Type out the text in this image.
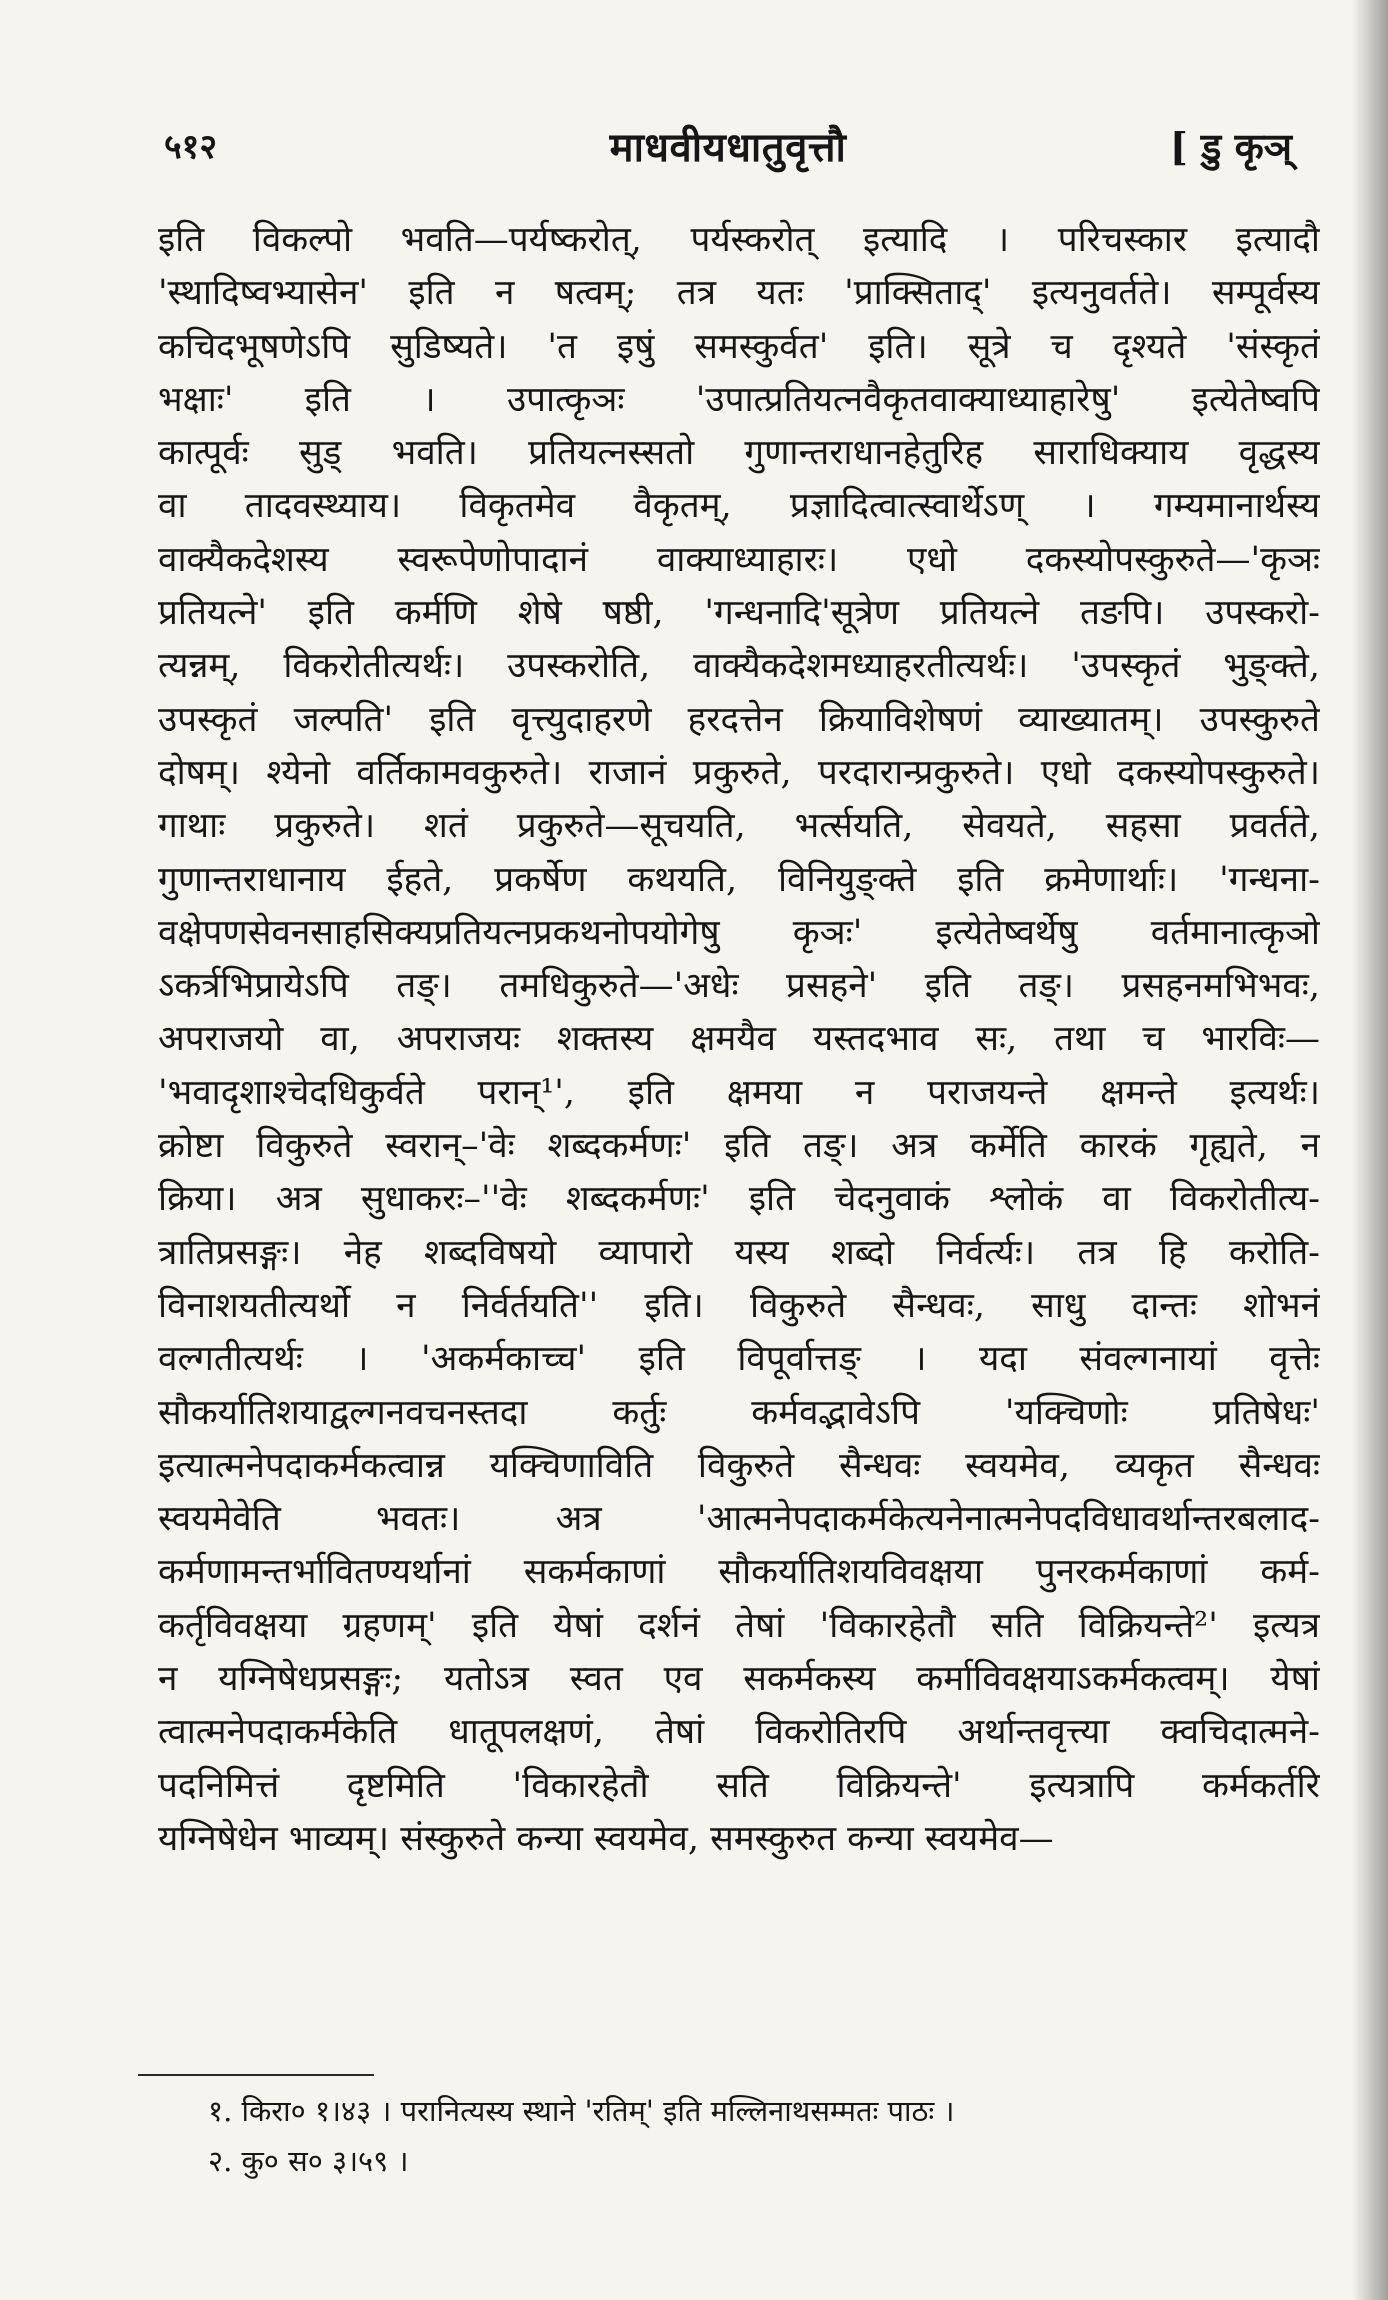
५१२	माधवीयधातुवृत्तौ	[ डु कृञ्
इति विकल्पो भवति—पर्यष्करोत्, पर्यस्करोत् इत्यादि । परिचस्कार इत्यादौ
'स्थादिष्वभ्यासेन' इति न षत्वम्; तत्र यतः 'प्राक्सिताद्' इत्यनुवर्तते। सम्पूर्वस्य
कचिदभूषणेऽपि सुडिष्यते। 'त इषुं समस्कुर्वत' इति। सूत्रे च दृश्यते 'संस्कृतं
भक्षाः' इति । उपात्कृञः 'उपात्प्रतियत्नवैकृतवाक्याध्याहारेषु' इत्येतेष्वपि
कात्पूर्वः सुड् भवति। प्रतियत्नस्सतो गुणान्तराधानहेतुरिह साराधिक्याय वृद्धस्य
वा तादवस्थ्याय। विकृतमेव वैकृतम्, प्रज्ञादित्वात्स्वार्थेऽण् । गम्यमानार्थस्य
वाक्यैकदेशस्य स्वरूपेणोपादानं वाक्याध्याहारः। एधो दकस्योपस्कुरुते—'कृञः
प्रतियत्ने' इति कर्मणि शेषे षष्ठी, 'गन्धनादि'सूत्रेण प्रतियत्ने तङपि। उपस्करो-
त्यन्नम्, विकरोतीत्यर्थः। उपस्करोति, वाक्यैकदेशमध्याहरतीत्यर्थः। 'उपस्कृतं भुङ्क्ते,
उपस्कृतं जल्पति' इति वृत्त्युदाहरणे हरदत्तेन क्रियाविशेषणं व्याख्यातम्। उपस्कुरुते
दोषम्। श्येनो वर्तिकामवकुरुते। राजानं प्रकुरुते, परदारान्प्रकुरुते। एधो दकस्योपस्कुरुते।
गाथाः प्रकुरुते। शतं प्रकुरुते—सूचयति, भर्त्सयति, सेवयते, सहसा प्रवर्तते,
गुणान्तराधानाय ईहते, प्रकर्षेण कथयति, विनियुङ्क्ते इति क्रमेणार्थाः। 'गन्धना-
वक्षेपणसेवनसाहसिक्यप्रतियत्नप्रकथनोपयोगेषु कृञः' इत्येतेष्वर्थेषु वर्तमानात्कृञो
ऽकर्त्रभिप्रायेऽपि तङ्। तमधिकुरुते—'अधेः प्रसहने' इति तङ्। प्रसहनमभिभवः,
अपराजयो वा, अपराजयः शक्तस्य क्षमयैव यस्तदभाव सः, तथा च भारविः—
'भवादृशाश्चेदधिकुर्वते परान्¹', इति क्षमया न पराजयन्ते क्षमन्ते इत्यर्थः।
क्रोष्टा विकुरुते स्वरान्–'वेः शब्दकर्मणः' इति तङ्। अत्र कर्मेति कारकं गृह्यते, न
क्रिया। अत्र सुधाकरः–''वेः शब्दकर्मणः' इति चेदनुवाकं श्लोकं वा विकरोतीत्य-
त्रातिप्रसङ्गः। नेह शब्दविषयो व्यापारो यस्य शब्दो निर्वर्त्यः। तत्र हि करोति-
विनाशयतीत्यर्थो न निर्वर्तयति'' इति। विकुरुते सैन्धवः, साधु दान्तः शोभनं
वल्गतीत्यर्थः । 'अकर्मकाच्च' इति विपूर्वात्तङ् । यदा संवल्गनायां वृत्तेः
सौकर्यातिशयाद्वल्गनवचनस्तदा कर्तुः कर्मवद्भावेऽपि 'यक्चिणोः प्रतिषेधः'
इत्यात्मनेपदाकर्मकत्वान्न यक्चिणाविति विकुरुते सैन्धवः स्वयमेव, व्यकृत सैन्धवः
स्वयमेवेति भवतः। अत्र 'आत्मनेपदाकर्मकेत्यनेनात्मनेपदविधावर्थान्तरबलाद-
कर्मणामन्तर्भावितण्यर्थानां सकर्मकाणां सौकर्यातिशयविवक्षया पुनरकर्मकाणां कर्म-
कर्तृविवक्षया ग्रहणम्' इति येषां दर्शनं तेषां 'विकारहेतौ सति विक्रियन्ते²' इत्यत्र
न यग्निषेधप्रसङ्गः; यतोऽत्र स्वत एव सकर्मकस्य कर्माविवक्षयाऽकर्मकत्वम्। येषां
त्वात्मनेपदाकर्मकेति धातूपलक्षणं, तेषां विकरोतिरपि अर्थान्तवृत्त्या क्वचिदात्मने-
पदनिमित्तं दृष्टमिति 'विकारहेतौ सति विक्रियन्ते' इत्यत्रापि कर्मकर्तरि
यग्निषेधेन भाव्यम्। संस्कुरुते कन्या स्वयमेव, समस्कुरुत कन्या स्वयमेव—
१. किरा० १।४३ । परानित्यस्य स्थाने 'रतिम्' इति मल्लिनाथसम्मतः पाठः ।
२. कु० स० ३।५९ ।
